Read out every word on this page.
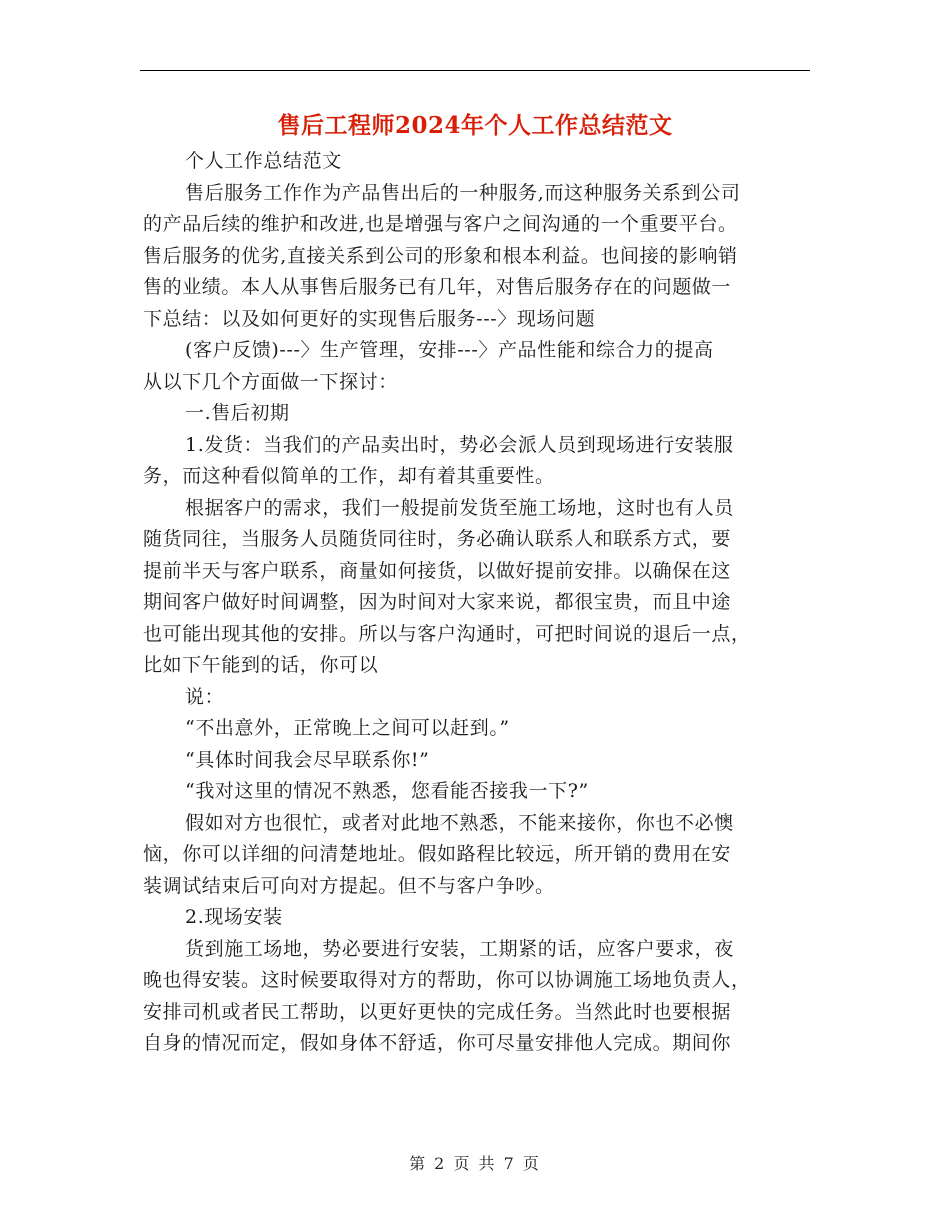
售后工程师2024年个人工作总结范文
个人工作总结范文
售后服务工作作为产品售出后的一种服务,而这种服务关系到公司
的产品后续的维护和改进,也是增强与客户之间沟通的一个重要平台。
售后服务的优劣,直接关系到公司的形象和根本利益。也间接的影响销
售的业绩。本人从事售后服务已有几年，对售后服务存在的问题做一
下总结：以及如何更好的实现售后服务---〉现场问题
(客户反馈)---〉生产管理，安排---〉产品性能和综合力的提高
从以下几个方面做一下探讨：
一.售后初期
1.发货：当我们的产品卖出时，势必会派人员到现场进行安装服
务，而这种看似简单的工作，却有着其重要性。
根据客户的需求，我们一般提前发货至施工场地，这时也有人员
随货同往，当服务人员随货同往时，务必确认联系人和联系方式，要
提前半天与客户联系，商量如何接货，以做好提前安排。以确保在这
期间客户做好时间调整，因为时间对大家来说，都很宝贵，而且中途
也可能出现其他的安排。所以与客户沟通时，可把时间说的退后一点，
比如下午能到的话，你可以
说：
“不出意外，正常晚上之间可以赶到。”
“具体时间我会尽早联系你!”
“我对这里的情况不熟悉，您看能否接我一下?”
假如对方也很忙，或者对此地不熟悉，不能来接你，你也不必懊
恼，你可以详细的问清楚地址。假如路程比较远，所开销的费用在安
装调试结束后可向对方提起。但不与客户争吵。
2.现场安装
货到施工场地，势必要进行安装，工期紧的话，应客户要求，夜
晚也得安装。这时候要取得对方的帮助，你可以协调施工场地负责人，
安排司机或者民工帮助，以更好更快的完成任务。当然此时也要根据
自身的情况而定，假如身体不舒适，你可尽量安排他人完成。期间你
第 2 页 共 7 页
